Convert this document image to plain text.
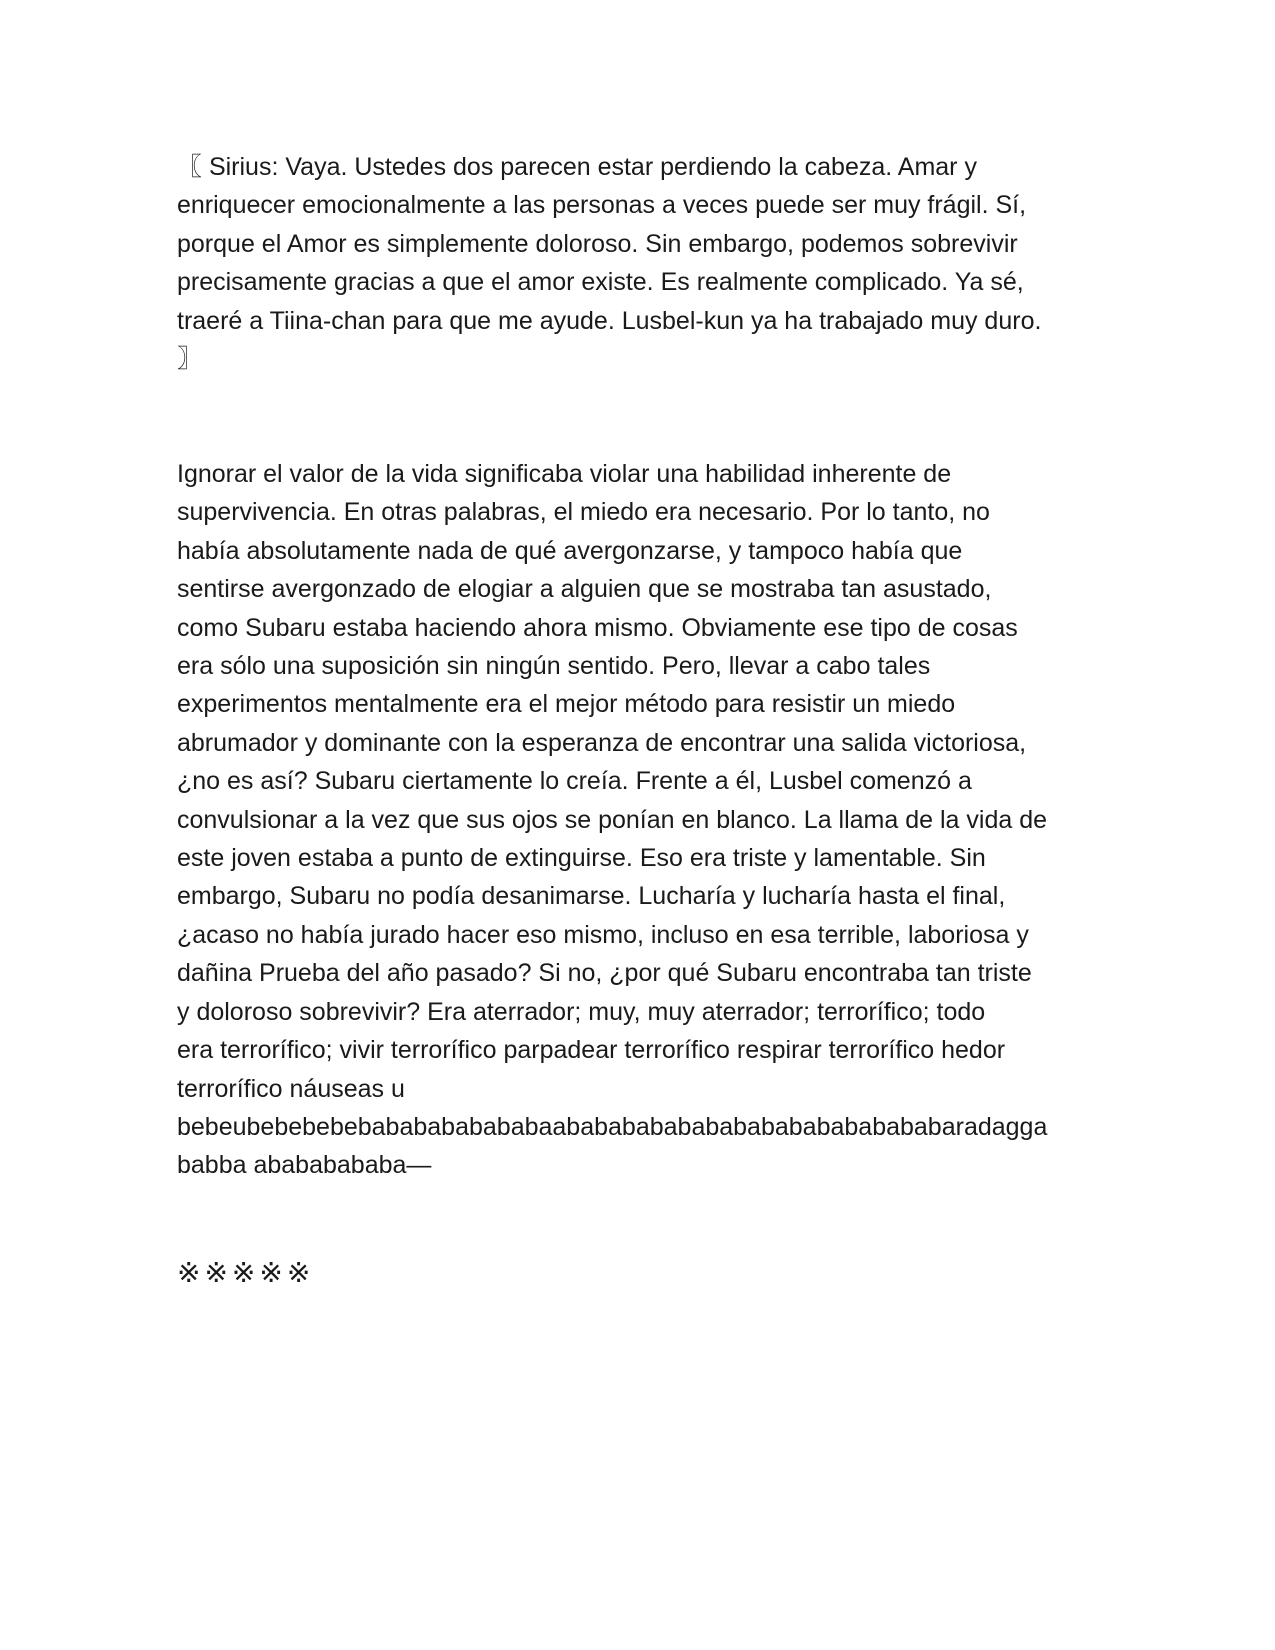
〖 Sirius: Vaya. Ustedes dos parecen estar perdiendo la cabeza. Amar y
enriquecer emocionalmente a las personas a veces puede ser muy frágil. Sí,
porque el Amor es simplemente doloroso. Sin embargo, podemos sobrevivir
precisamente gracias a que el amor existe. Es realmente complicado. Ya sé,
traeré a Tiina-chan para que me ayude. Lusbel-kun ya ha trabajado muy duro.
〗
Ignorar el valor de la vida significaba violar una habilidad inherente de
supervivencia. En otras palabras, el miedo era necesario. Por lo tanto, no
había absolutamente nada de qué avergonzarse, y tampoco había que
sentirse avergonzado de elogiar a alguien que se mostraba tan asustado,
como Subaru estaba haciendo ahora mismo. Obviamente ese tipo de cosas
era sólo una suposición sin ningún sentido. Pero, llevar a cabo tales
experimentos mentalmente era el mejor método para resistir un miedo
abrumador y dominante con la esperanza de encontrar una salida victoriosa,
¿no es así? Subaru ciertamente lo creía. Frente a él, Lusbel comenzó a
convulsionar a la vez que sus ojos se ponían en blanco. La llama de la vida de
este joven estaba a punto de extinguirse. Eso era triste y lamentable. Sin
embargo, Subaru no podía desanimarse. Lucharía y lucharía hasta el final,
¿acaso no había jurado hacer eso mismo, incluso en esa terrible, laboriosa y
dañina Prueba del año pasado? Si no, ¿por qué Subaru encontraba tan triste
y doloroso sobrevivir? Era aterrador; muy, muy aterrador; terrorífico; todo
era terrorífico; vivir terrorífico parpadear terrorífico respirar terrorífico hedor
terrorífico náuseas u
bebeubebebebebababababababaababababababababababababababaradagga
babba abababababa—
※※※※※
